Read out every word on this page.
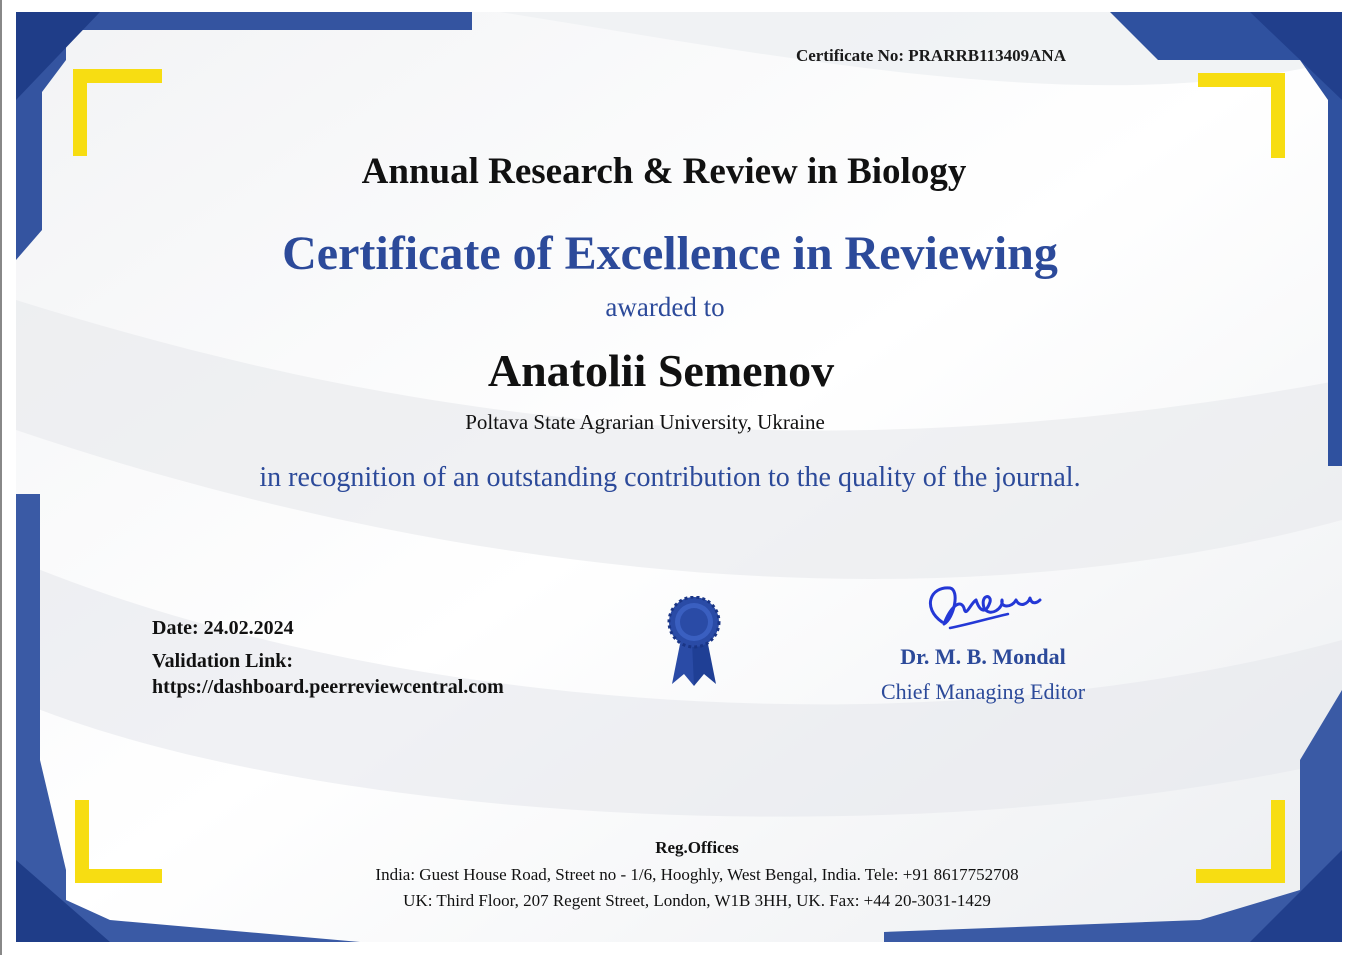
Certificate No: PRARRB113409ANA

Annual Research & Review in Biology
Certificate of Excellence in Reviewing

awarded to

Anatolii Semenov

Poltava State Agrarian University, Ukraine

in recognition of an outstanding contribution to the quality of the journal.

Date: 24.02.2024

Validation Link:

https://dashboard.peerreviewcentral.com

Dr. M. B. Mondal

Chief Managing Editor

Reg.Offices

India: Guest House Road, Street no - 1/6, Hooghly, West Bengal, India. Tele: +91 8617752708

UK: Third Floor, 207 Regent Street, London, W1B 3HH, UK. Fax: +44 20-3031-1429
